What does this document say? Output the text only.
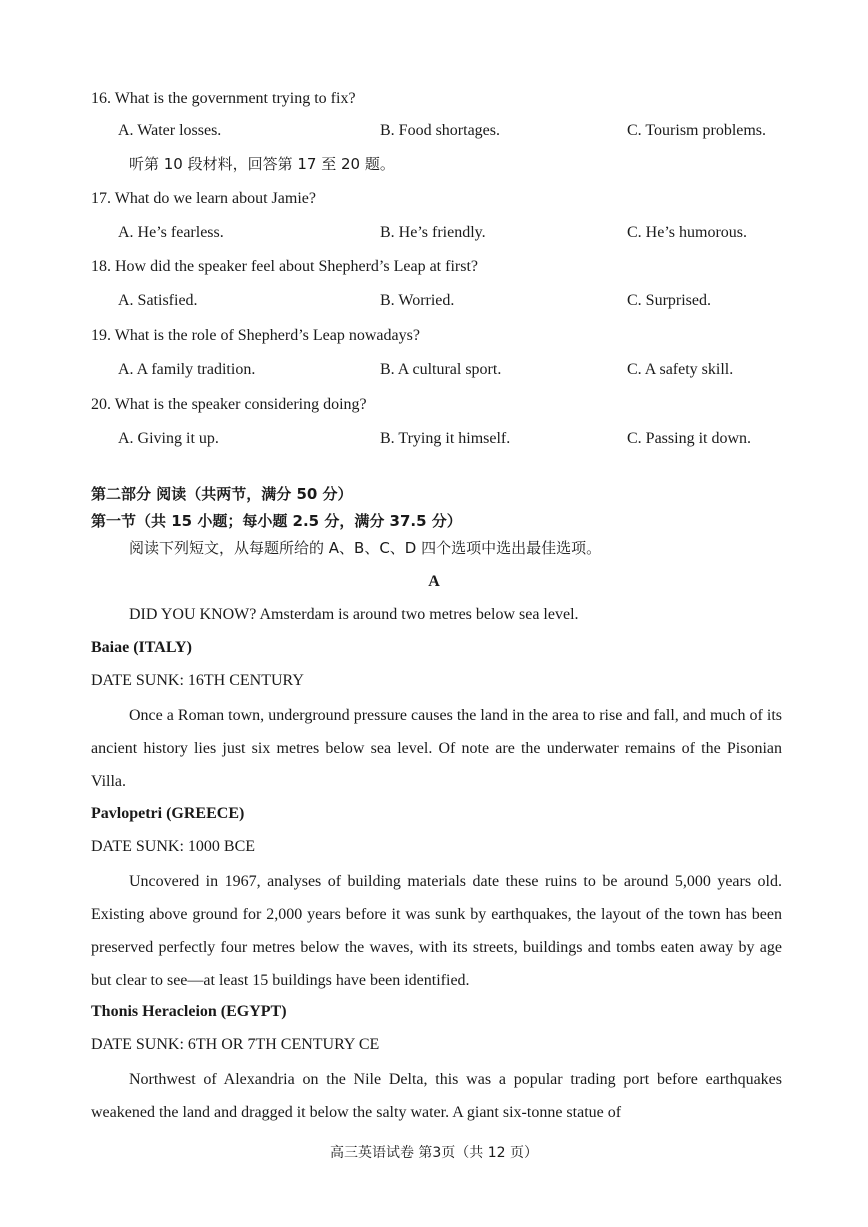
16. What is the government trying to fix?
A. Water losses.	B. Food shortages.	C. Tourism problems.
听第 10 段材料，回答第 17 至 20 题。
17. What do we learn about Jamie?
A. He’s fearless.	B. He’s friendly.	C. He’s humorous.
18. How did the speaker feel about Shepherd’s Leap at first?
A. Satisfied.	B. Worried.	C. Surprised.
19. What is the role of Shepherd’s Leap nowadays?
A. A family tradition.	B. A cultural sport.	C. A safety skill.
20. What is the speaker considering doing?
A. Giving it up.	B. Trying it himself.	C. Passing it down.
第二部分 阅读（共两节，满分 50 分）
第一节（共 15 小题；每小题 2.5 分，满分 37.5 分）
阅读下列短文，从每题所给的 A、B、C、D 四个选项中选出最佳选项。
A
DID YOU KNOW? Amsterdam is around two metres below sea level.
Baiae (ITALY)
DATE SUNK: 16TH CENTURY
Once a Roman town, underground pressure causes the land in the area to rise and fall, and much of its ancient history lies just six metres below sea level. Of note are the underwater remains of the Pisonian Villa.
Pavlopetri (GREECE)
DATE SUNK: 1000 BCE
Uncovered in 1967, analyses of building materials date these ruins to be around 5,000 years old. Existing above ground for 2,000 years before it was sunk by earthquakes, the layout of the town has been preserved perfectly four metres below the waves, with its streets, buildings and tombs eaten away by age but clear to see—at least 15 buildings have been identified.
Thonis Heracleion (EGYPT)
DATE SUNK: 6TH OR 7TH CENTURY CE
Northwest of Alexandria on the Nile Delta, this was a popular trading port before earthquakes weakened the land and dragged it below the salty water. A giant six-tonne statue of
高三英语试卷 第3页（共 12 页）
